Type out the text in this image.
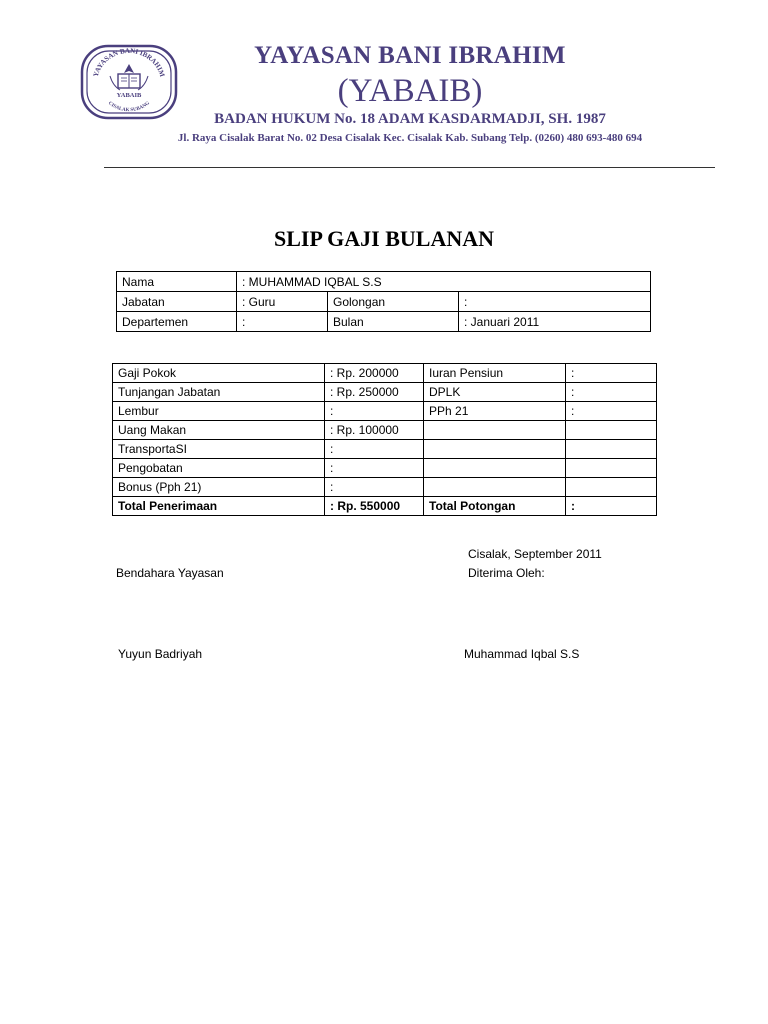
YAYASAN BANI IBRAHIM
YABAIB
CISALAK SUBANG
YAYASAN BANI IBRAHIM
(YABAIB)
BADAN HUKUM No. 18 ADAM KASDARMADJI, SH. 1987
Jl. Raya Cisalak Barat No. 02 Desa Cisalak Kec. Cisalak Kab. Subang Telp. (0260) 480 693-480 694
SLIP GAJI BULANAN
Nama	: MUHAMMAD IQBAL S.S		
Jabatan	: Guru	Golongan	:
Departemen	:	Bulan	: Januari 2011
Gaji Pokok	: Rp. 200000	Iuran Pensiun	:
Tunjangan Jabatan	: Rp. 250000	DPLK	:
Lembur	:	PPh 21	:
Uang Makan	: Rp. 100000		
TransportaSI	:		
Pengobatan	:		
Bonus (Pph 21)	:		
Total Penerimaan	: Rp. 550000	Total Potongan	:
Cisalak, September 2011
Bendahara Yayasan	Diterima Oleh:
Yuyun Badriyah	Muhammad Iqbal S.S
